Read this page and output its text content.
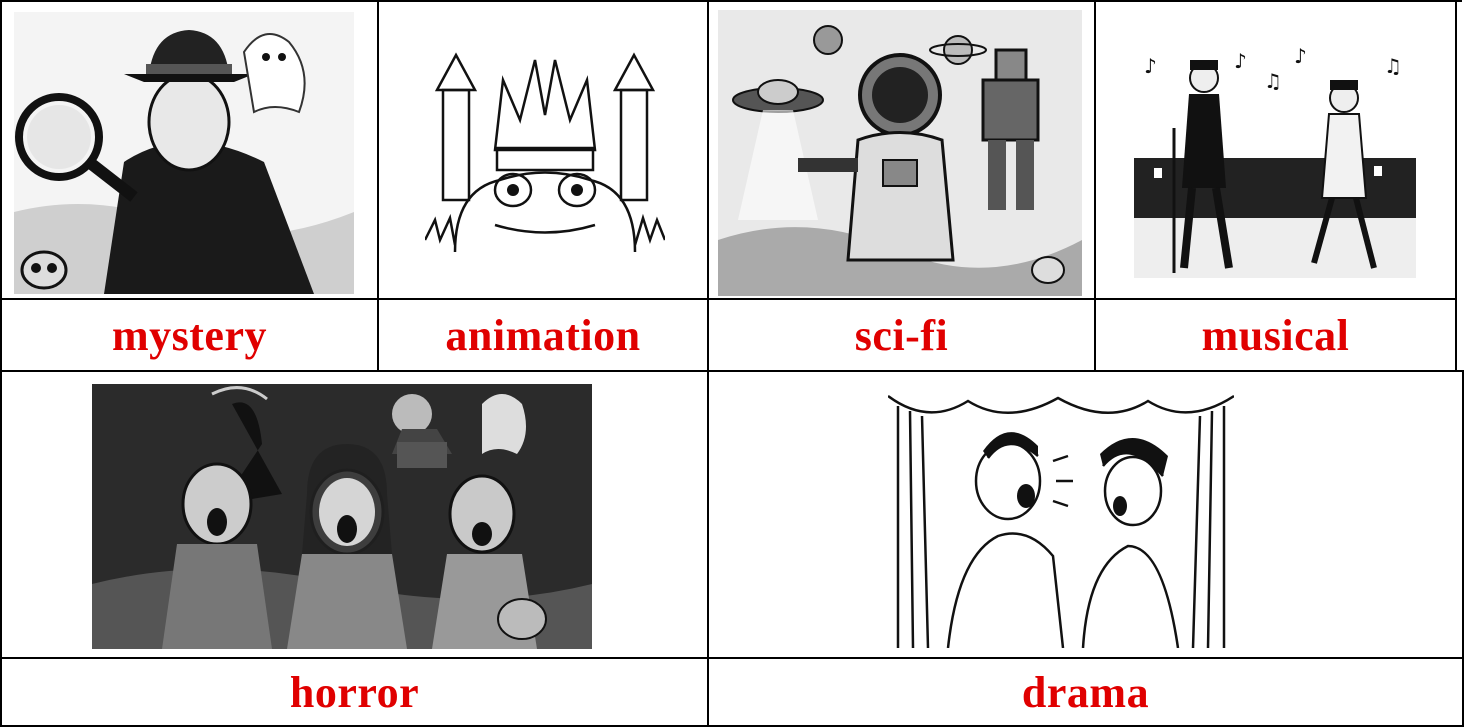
♪
♫
♪	♫
♪
mystery	animation	sci-fi	musical
horror	drama
